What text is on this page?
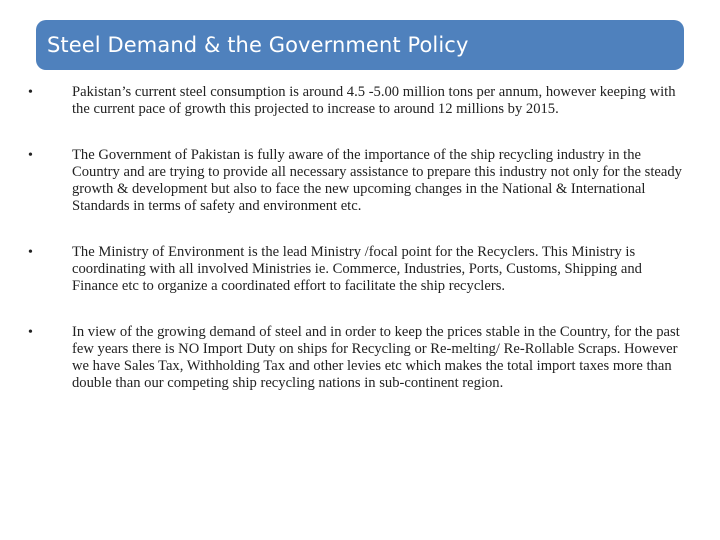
Steel Demand & the Government Policy
•	Pakistan’s current steel consumption is around 4.5 -5.00 million tons per annum, however keeping with the current pace of growth this projected to increase to around 12 millions by 2015.
•	The Government of Pakistan is fully aware of the importance of the ship recycling industry in the Country and are trying to provide all necessary assistance to prepare this industry not only for the steady growth & development but also to face the new upcoming changes in the National & International Standards in terms of safety and environment etc.
•	The Ministry of Environment is the lead Ministry /focal point for the Recyclers. This Ministry is coordinating with all involved Ministries ie. Commerce, Industries, Ports, Customs, Shipping and Finance etc to organize a coordinated effort to facilitate the ship recyclers.
•	In view of the growing demand of steel and in order to keep the prices stable in the Country, for the past few years there is NO Import Duty on ships for Recycling or Re-melting/ Re-Rollable Scraps. However we have Sales Tax, Withholding Tax and other levies etc which makes the total import taxes more than double than our competing ship recycling nations in sub-continent region.
